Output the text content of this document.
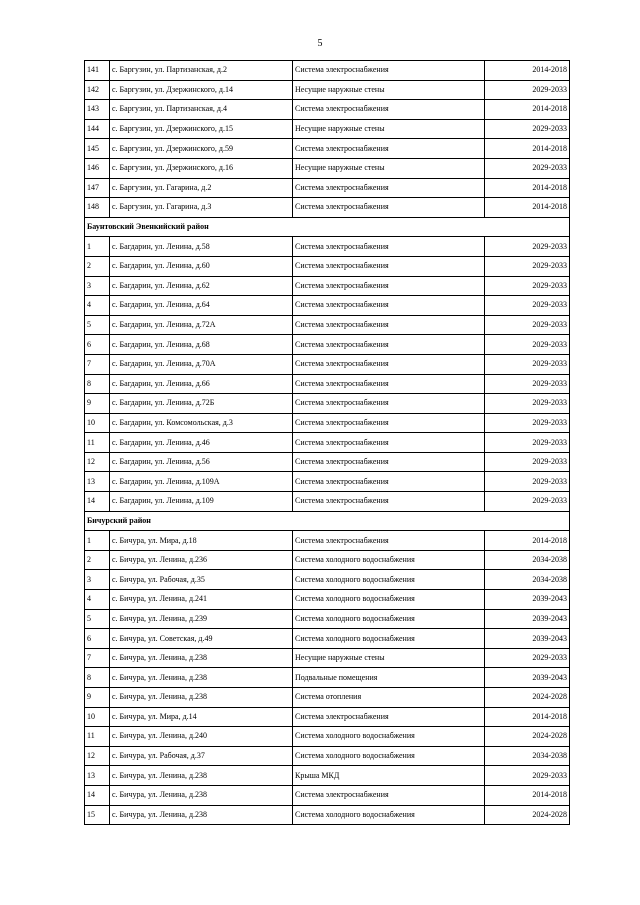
5
141	с. Баргузин, ул. Партизанская, д.2	Система электроснабжения	2014-2018
142	с. Баргузин, ул. Дзержинского, д.14	Несущие наружные стены	2029-2033
143	с. Баргузин, ул. Партизанская, д.4	Система электроснабжения	2014-2018
144	с. Баргузин, ул. Дзержинского, д.15	Несущие наружные стены	2029-2033
145	с. Баргузин, ул. Дзержинского, д.59	Система электроснабжения	2014-2018
146	с. Баргузин, ул. Дзержинского, д.16	Несущие наружные стены	2029-2033
147	с. Баргузин, ул. Гагарина, д.2	Система электроснабжения	2014-2018
148	с. Баргузин, ул. Гагарина, д.3	Система электроснабжения	2014-2018
Баунтовский Эвенкийский район			
1	с. Багдарин, ул. Ленина, д.58	Система электроснабжения	2029-2033
2	с. Багдарин, ул. Ленина, д.60	Система электроснабжения	2029-2033
3	с. Багдарин, ул. Ленина, д.62	Система электроснабжения	2029-2033
4	с. Багдарин, ул. Ленина, д.64	Система электроснабжения	2029-2033
5	с. Багдарин, ул. Ленина, д.72А	Система электроснабжения	2029-2033
6	с. Багдарин, ул. Ленина, д.68	Система электроснабжения	2029-2033
7	с. Багдарин, ул. Ленина, д.70А	Система электроснабжения	2029-2033
8	с. Багдарин, ул. Ленина, д.66	Система электроснабжения	2029-2033
9	с. Багдарин, ул. Ленина, д.72Б	Система электроснабжения	2029-2033
10	с. Багдарин, ул. Комсомольская, д.3	Система электроснабжения	2029-2033
11	с. Багдарин, ул. Ленина, д.46	Система электроснабжения	2029-2033
12	с. Багдарин, ул. Ленина, д.56	Система электроснабжения	2029-2033
13	с. Багдарин, ул. Ленина, д.109А	Система электроснабжения	2029-2033
14	с. Багдарин, ул. Ленина, д.109	Система электроснабжения	2029-2033
Бичурский район			
1	с. Бичура, ул. Мира, д.18	Система электроснабжения	2014-2018
2	с. Бичура, ул. Ленина, д.236	Система холодного водоснабжения	2034-2038
3	с. Бичура, ул. Рабочая, д.35	Система холодного водоснабжения	2034-2038
4	с. Бичура, ул. Ленина, д.241	Система холодного водоснабжения	2039-2043
5	с. Бичура, ул. Ленина, д.239	Система холодного водоснабжения	2039-2043
6	с. Бичура, ул. Советская, д.49	Система холодного водоснабжения	2039-2043
7	с. Бичура, ул. Ленина, д.238	Несущие наружные стены	2029-2033
8	с. Бичура, ул. Ленина, д.238	Подвальные помещения	2039-2043
9	с. Бичура, ул. Ленина, д.238	Система отопления	2024-2028
10	с. Бичура, ул. Мира, д.14	Система электроснабжения	2014-2018
11	с. Бичура, ул. Ленина, д.240	Система холодного водоснабжения	2024-2028
12	с. Бичура, ул. Рабочая, д.37	Система холодного водоснабжения	2034-2038
13	с. Бичура, ул. Ленина, д.238	Крыша МКД	2029-2033
14	с. Бичура, ул. Ленина, д.238	Система электроснабжения	2014-2018
15	с. Бичура, ул. Ленина, д.238	Система холодного водоснабжения	2024-2028
